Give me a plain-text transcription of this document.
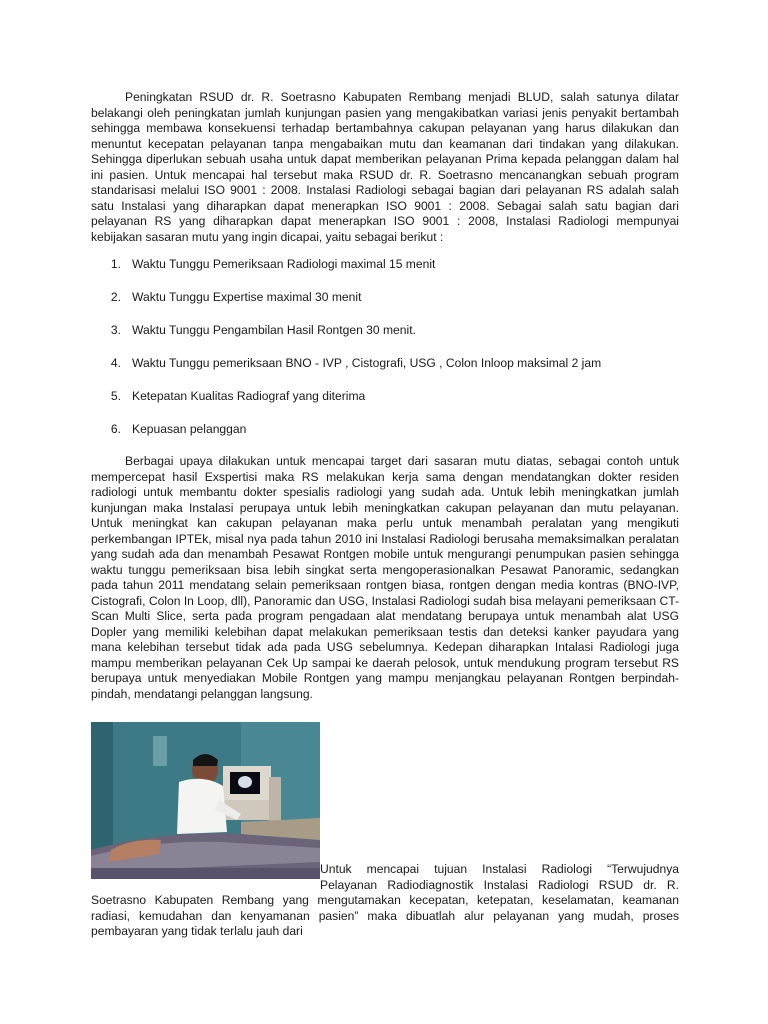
Peningkatan RSUD dr. R. Soetrasno Kabupaten Rembang menjadi BLUD, salah satunya dilatar belakangi oleh peningkatan jumlah kunjungan pasien yang mengakibatkan variasi jenis penyakit bertambah sehingga membawa konsekuensi terhadap bertambahnya cakupan pelayanan yang harus dilakukan dan menuntut kecepatan pelayanan tanpa mengabaikan mutu dan keamanan dari tindakan yang dilakukan. Sehingga diperlukan sebuah usaha untuk dapat memberikan pelayanan Prima kepada pelanggan dalam hal ini pasien. Untuk mencapai hal tersebut maka RSUD dr. R. Soetrasno mencanangkan sebuah program standarisasi melalui ISO 9001 : 2008. Instalasi Radiologi sebagai bagian dari pelayanan RS adalah salah satu Instalasi yang diharapkan dapat menerapkan ISO 9001 : 2008. Sebagai salah satu bagian dari pelayanan RS yang diharapkan dapat menerapkan ISO 9001 : 2008, Instalasi Radiologi mempunyai kebijakan sasaran mutu yang ingin dicapai, yaitu sebagai berikut :

1. Waktu Tunggu Pemeriksaan Radiologi maximal 15 menit
2. Waktu Tunggu Expertise maximal 30 menit
3. Waktu Tunggu Pengambilan Hasil Rontgen 30 menit.
4. Waktu Tunggu pemeriksaan BNO - IVP , Cistografi, USG , Colon Inloop maksimal 2 jam
5. Ketepatan Kualitas Radiograf yang diterima
6. Kepuasan pelanggan

Berbagai upaya dilakukan untuk mencapai target dari sasaran mutu diatas, sebagai contoh untuk mempercepat hasil Exspertisi maka RS melakukan kerja sama dengan mendatangkan dokter residen radiologi untuk membantu dokter spesialis radiologi yang sudah ada. Untuk lebih meningkatkan jumlah kunjungan maka Instalasi perupaya untuk lebih meningkatkan cakupan pelayanan dan mutu pelayanan. Untuk meningkat kan cakupan pelayanan maka perlu untuk menambah peralatan yang mengikuti perkembangan IPTEk, misal nya pada tahun 2010 ini Instalasi Radiologi berusaha memaksimalkan peralatan yang sudah ada dan menambah Pesawat Rontgen mobile untuk mengurangi penumpukan pasien sehingga waktu tunggu pemeriksaan bisa lebih singkat serta mengoperasionalkan Pesawat Panoramic, sedangkan pada tahun 2011 mendatang selain pemeriksaan rontgen biasa, rontgen dengan media kontras (BNO-IVP, Cistografi, Colon In Loop, dll), Panoramic dan USG, Instalasi Radiologi sudah bisa melayani pemeriksaan CT-Scan Multi Slice, serta pada program pengadaan alat mendatang berupaya untuk menambah alat USG Dopler yang memiliki kelebihan dapat melakukan pemeriksaan testis dan deteksi kanker payudara yang mana kelebihan tersebut tidak ada pada USG sebelumnya. Kedepan diharapkan Intalasi Radiologi juga mampu memberikan pelayanan Cek Up sampai ke daerah pelosok, untuk mendukung program tersebut RS berupaya untuk menyediakan Mobile Rontgen yang mampu menjangkau pelayanan Rontgen berpindah-pindah, mendatangi pelanggan langsung.

Untuk mencapai tujuan Instalasi Radiologi “Terwujudnya Pelayanan Radiodiagnostik Instalasi Radiologi RSUD dr. R. Soetrasno Kabupaten Rembang yang mengutamakan kecepatan, ketepatan, keselamatan, keamanan radiasi, kemudahan dan kenyamanan pasien” maka dibuatlah alur pelayanan yang mudah, proses pembayaran yang tidak terlalu jauh dari
